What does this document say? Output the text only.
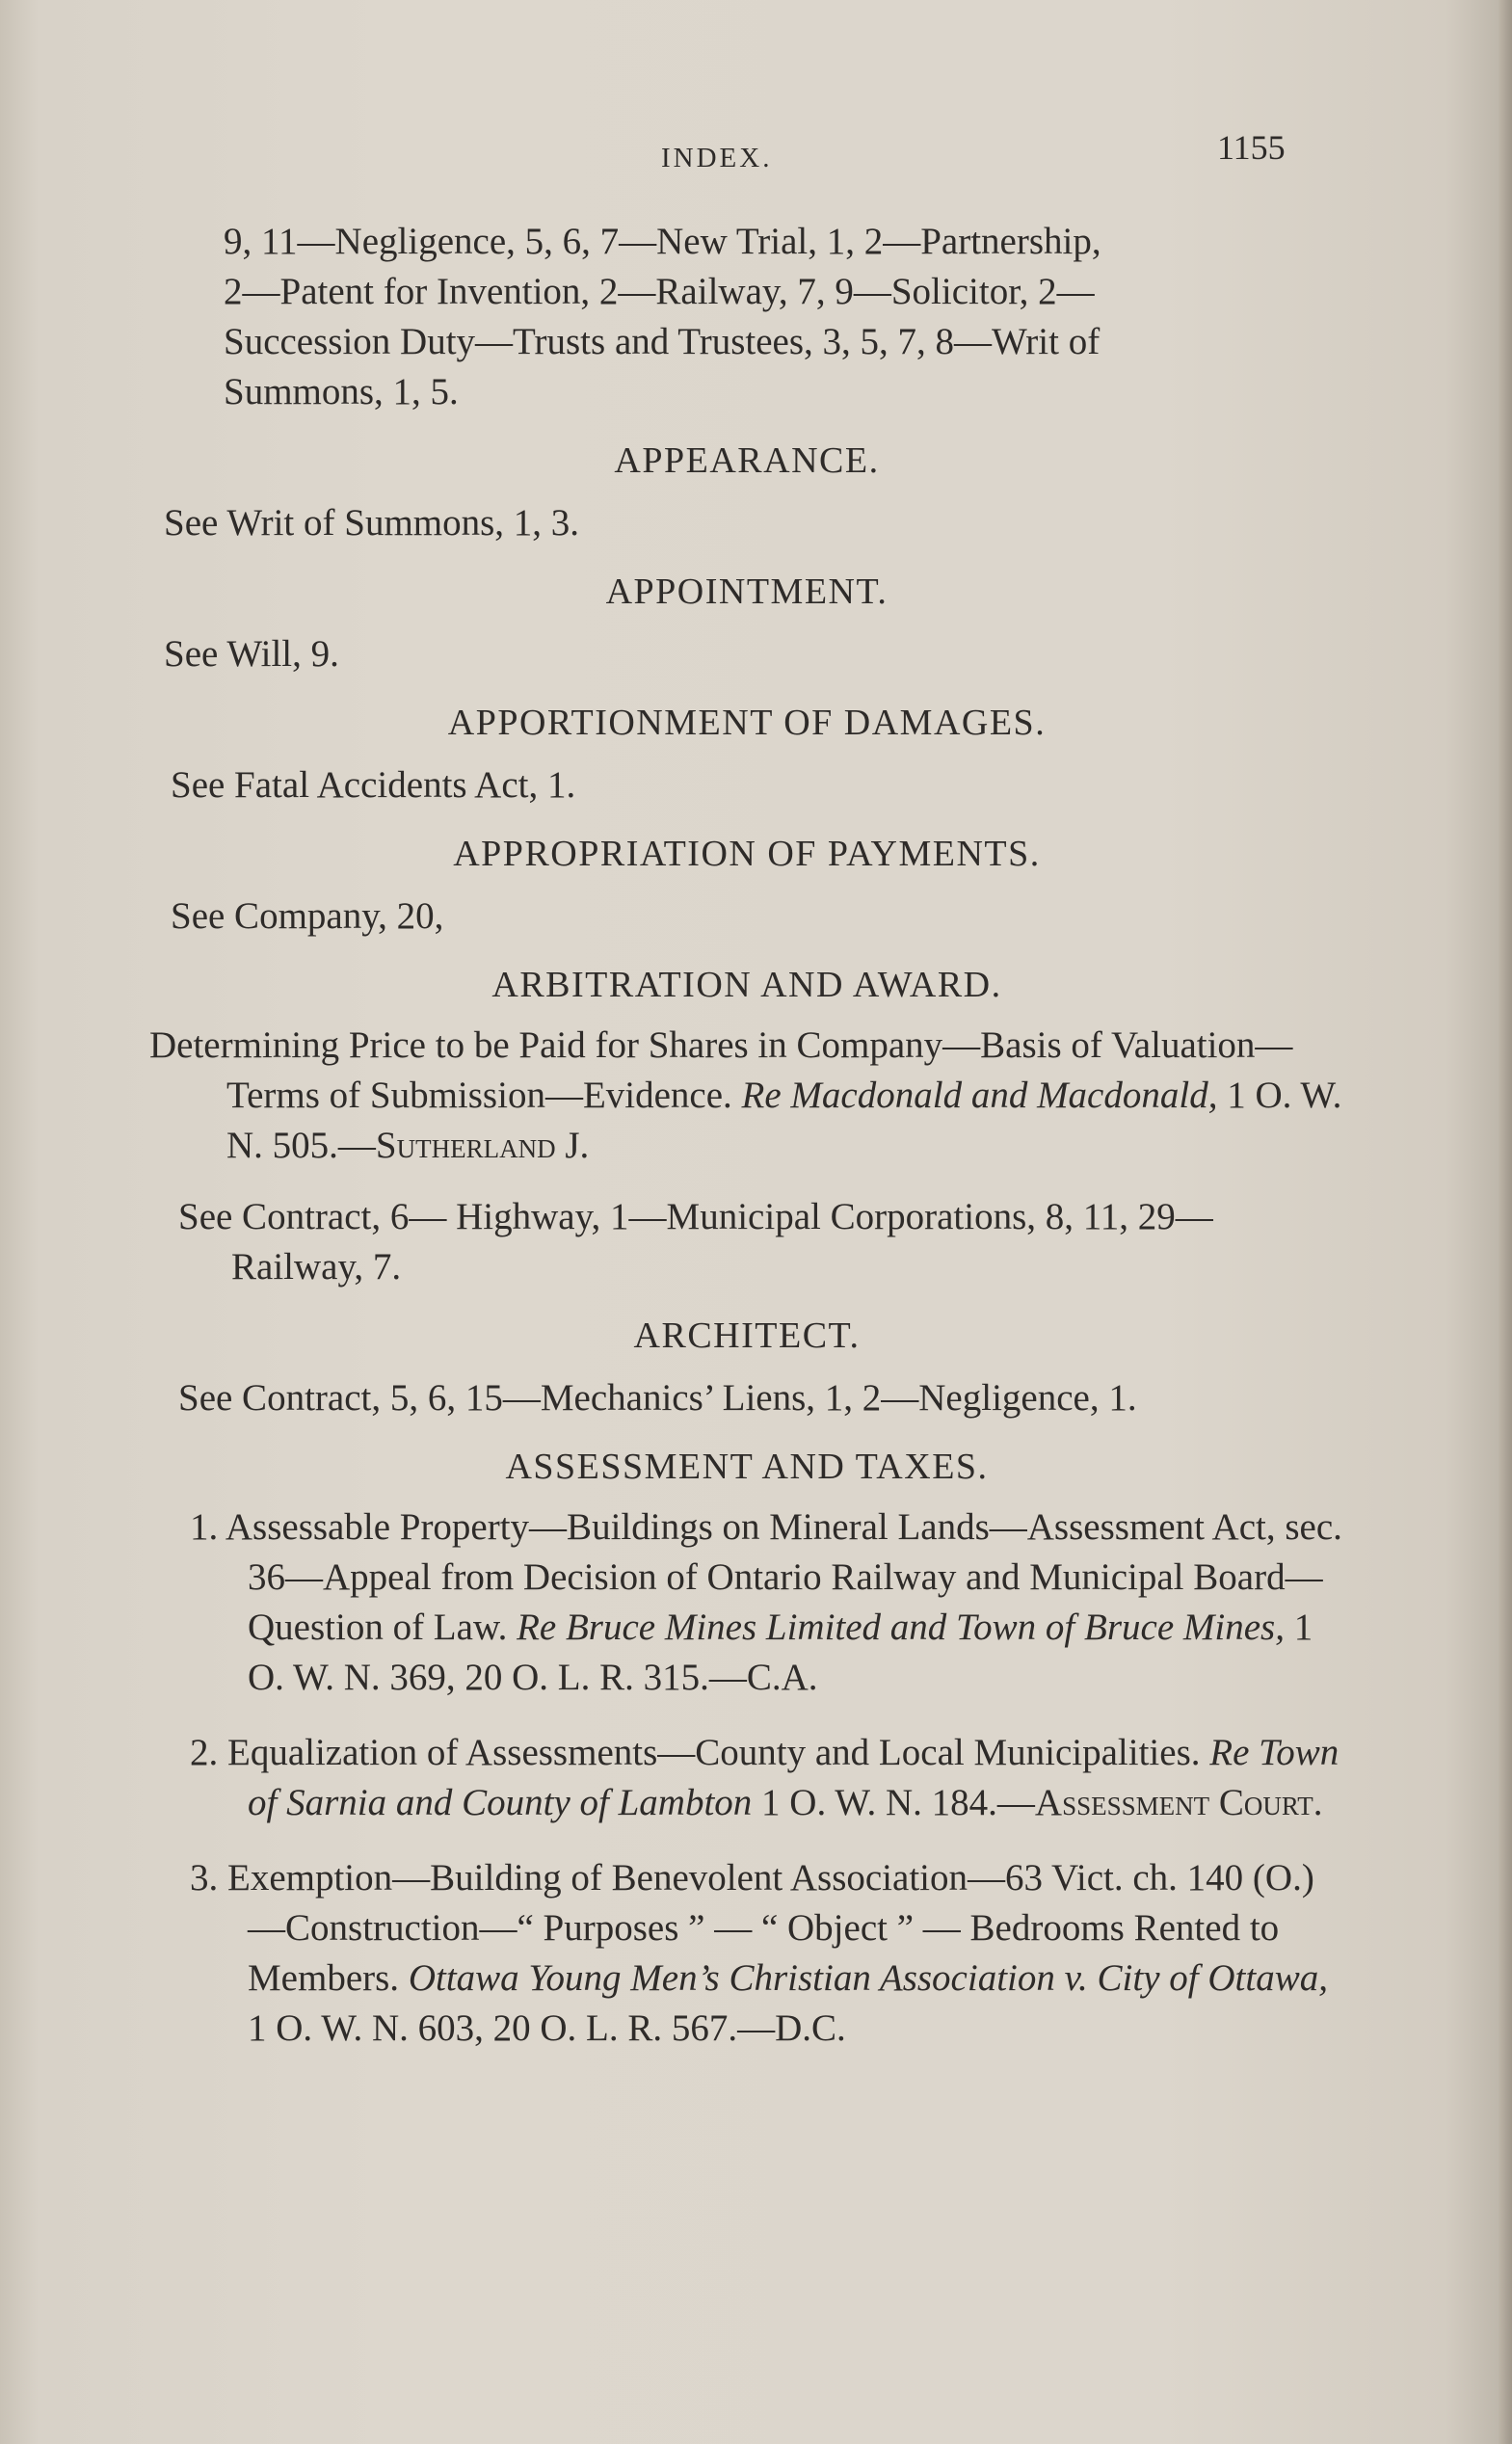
INDEX.	1155

9, 11—Negligence, 5, 6, 7—New Trial, 1, 2—Partnership,

2—Patent for Invention, 2—Railway, 7, 9—Solicitor, 2—

Succession Duty—Trusts and Trustees, 3, 5, 7, 8—Writ of

Summons, 1, 5.

APPEARANCE.
See Writ of Summons, 1, 3.
APPOINTMENT.
See Will, 9.
APPORTIONMENT OF DAMAGES.
See Fatal Accidents Act, 1.
APPROPRIATION OF PAYMENTS.
See Company, 20,
ARBITRATION AND AWARD.

Determining Price to be Paid for Shares in Company—Basis of Valuation—Terms of Submission—Evidence. Re Macdonald and Macdonald, 1 O. W. N. 505.—Sutherland J.

See Contract, 6— Highway, 1—Municipal Corporations, 8, 11, 29—Railway, 7.
ARCHITECT.
See Contract, 5, 6, 15—Mechanics’ Liens, 1, 2—Negligence, 1.
ASSESSMENT AND TAXES.

1. Assessable Property—Buildings on Mineral Lands—Assessment Act, sec. 36—Appeal from Decision of Ontario Railway and Municipal Board—Question of Law. Re Bruce Mines Limited and Town of Bruce Mines, 1 O. W. N. 369, 20 O. L. R. 315.—C.A.

2. Equalization of Assessments—County and Local Municipalities. Re Town of Sarnia and County of Lambton 1 O. W. N. 184.—Assessment Court.

3. Exemption—Building of Benevolent Association—63 Vict. ch. 140 (O.)—Construction—“ Purposes ” — “ Object ” — Bedrooms Rented to Members. Ottawa Young Men’s Christian Association v. City of Ottawa, 1 O. W. N. 603, 20 O. L. R. 567.—D.C.
